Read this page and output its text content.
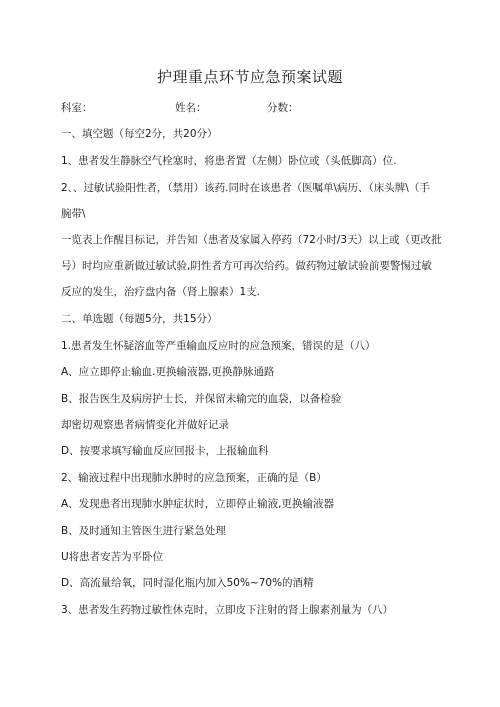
护理重点环节应急预案试题
科室：	姓名：	分数：
一、填空题（每空2分，共20分）
1、患者发生静脉空气栓塞时，将患者置（左侧）卧位或（头低脚高）位.
2、、过敏试验阳性者，（禁用）该药.同时在该患者（医嘱单\病历、（床头牌\（手
腕带\
一览表上作醒目标记，并告知（患者及家属入停药（72小时/3天）以上或（更改批
号）时均应重新做过敏试验,阴性者方可再次给药。做药物过敏试验前要警惕过敏
反应的发生，治疗盘内备（肾上腺素）1支.
二、单选题（每题5分，共15分）
1.患者发生怀疑溶血等严重输血反应时的应急预案，错误的是（八）
A、应立即停止输血.更换输液器,更换静脉通路
B、报告医生及病房护士长，并保留未输完的血袋，以备检验
却密切观察患者病情变化并做好记录
D、按要求填写输血反应回报卡，上报输血科
2、输液过程中出现肺水肿时的应急预案，正确的是（B）
A、发现患者出现肺水肿症状时，立即停止输液,更换输液器
B、及时通知主管医生进行紧急处理
U将患者安苦为平卧位
D、高流量给氧，同时湿化瓶内加入50%~70%的酒精
3、患者发生药物过敏性休克时，立即皮下注射的肾上腺素剂量为（八）
